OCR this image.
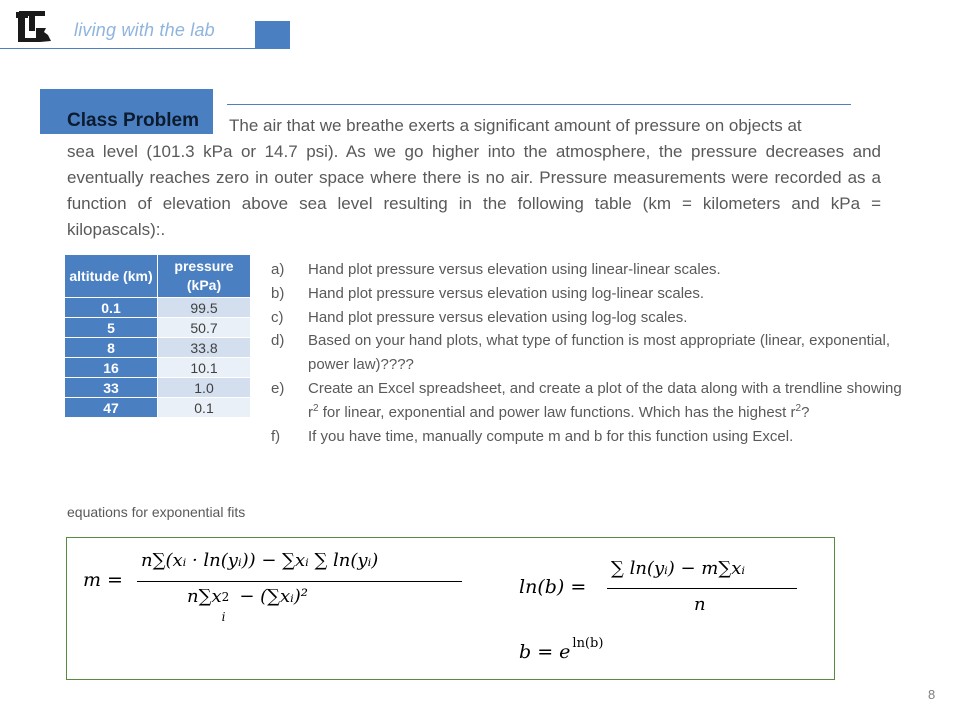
living with the lab
Class Problem The air that we breathe exerts a significant amount of pressure on objects at
sea level (101.3 kPa or 14.7 psi). As we go higher into the atmosphere, the pressure decreases and eventually reaches zero in outer space where there is no air. Pressure measurements were recorded as a function of elevation above sea level resulting in the following table (km = kilometers and kPa = kilopascals):.
altitude (km)	pressure (kPa)
0.1	99.5
5	50.7
8	33.8
16	10.1
33	1.0
47	0.1
a)	Hand plot pressure versus elevation using linear-linear scales.
b)	Hand plot pressure versus elevation using log-linear scales.
c)	Hand plot pressure versus elevation using log-log scales.
d)	Based on your hand plots, what type of function is most appropriate (linear, exponential, power law)????
e)	Create an Excel spreadsheet, and create a plot of the data along with a trendline showing $r^2$ for linear, exponential and power law functions. Which has the highest $r^2$?
f)	If you have time, manually compute m and b for this function using Excel.
equations for exponential fits
m =
n∑(xᵢ · ln(yᵢ)) − ∑xᵢ ∑ ln(yᵢ)
n∑x 2
i
− (∑xᵢ)²	ln(b) =
∑ ln(yᵢ) − m∑xᵢ
n
b = e $^{ln(b)}$
8
